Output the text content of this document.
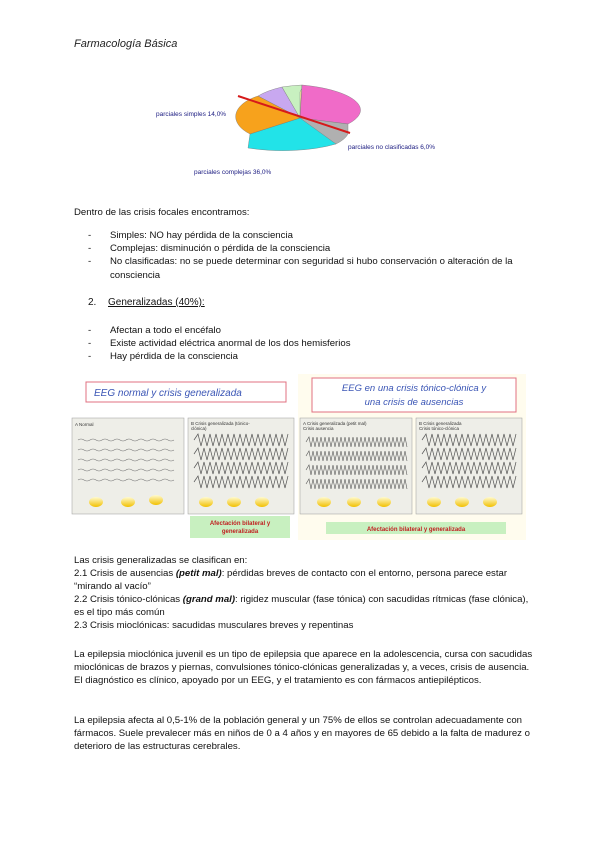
Farmacología Básica
parciales simples 14,0%
parciales no clasificadas 6,0%
parciales complejas 36,0%
Dentro de las crisis focales encontramos:
- Simples: NO hay pérdida de la consciencia
- Complejas: disminución o pérdida de la consciencia
- No clasificadas: no se puede determinar con seguridad si hubo conservación o alteración de la consciencia
2. Generalizadas (40%):
- Afectan a todo el encéfalo
- Existe actividad eléctrica anormal de los dos hemisferios
- Hay pérdida de la consciencia
EEG normal y crisis generalizada
A Normal	B Crisis generalizada (tónico-
clónica)
Afectación bilateral y
generalizada
EEG en una crisis tónico-clónica y
una crisis de ausencias
A Crisis generalizada (petit mal)
Crisis ausencia
B Crisis generalizada
Crisis tónico-clónica
Afectación bilateral y generalizada
Las crisis generalizadas se clasifican en:
2.1 Crisis de ausencias (petit mal): pérdidas breves de contacto con el entorno, persona parece estar “mirando al vacío”
2.2 Crisis tónico-clónicas (grand mal): rigidez muscular (fase tónica) con sacudidas rítmicas (fase clónica), es el tipo más común
2.3 Crisis mioclónicas: sacudidas musculares breves y repentinas
La epilepsia mioclónica juvenil es un tipo de epilepsia que aparece en la adolescencia, cursa con sacudidas mioclónicas de brazos y piernas, convulsiones tónico-clónicas generalizadas y, a veces, crisis de ausencia. El diagnóstico es clínico, apoyado por un EEG, y el tratamiento es con fármacos antiepilépticos.
La epilepsia afecta al 0,5-1% de la población general y un 75% de ellos se controlan adecuadamente con fármacos. Suele prevalecer más en niños de 0 a 4 años y en mayores de 65 debido a la falta de madurez o deterioro de las estructuras cerebrales.
